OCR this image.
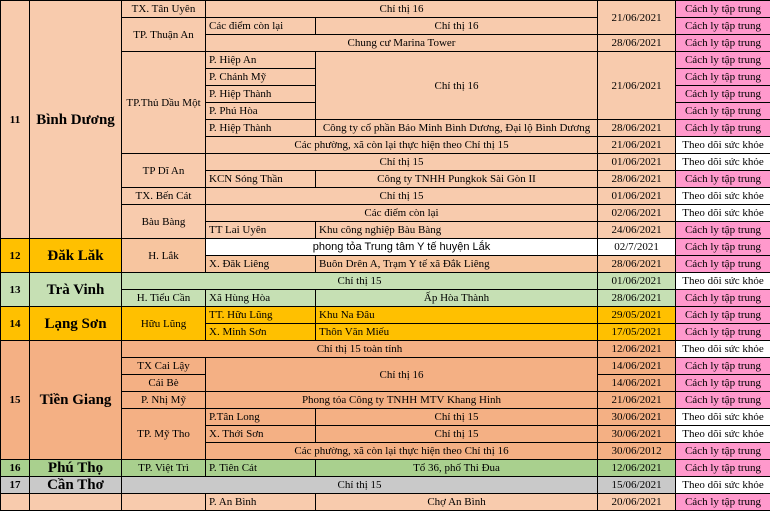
11	Bình Dương	TX. Tân Uyên	Chỉ thị 16		21/06/2021	Cách ly tập trung
		TP. Thuận An	Các điểm còn lại	Chỉ thị 16		Cách ly tập trung
			Chung cư Marina Tower		28/06/2021	Cách ly tập trung
		TP.Thủ Dầu Một	P. Hiệp An	Chỉ thị 16	21/06/2021	Cách ly tập trung
			P. Chánh Mỹ			Cách ly tập trung
			P. Hiệp Thành			Cách ly tập trung
			P. Phú Hòa			Cách ly tập trung
			P. Hiệp Thành	Công ty cổ phần Bảo Minh Bình Dương, Đại lộ Bình Dương	28/06/2021	Cách ly tập trung
			Các phường, xã còn lại thực hiện theo Chỉ thị 15		21/06/2021	Theo dõi sức khỏe
		TP Dĩ An	Chỉ thị 15		01/06/2021	Theo dõi sức khỏe
			KCN Sóng Thần	Công ty TNHH Pungkok Sài Gòn II	28/06/2021	Cách ly tập trung
		TX. Bến Cát	Chỉ thị 15		01/06/2021	Theo dõi sức khỏe
		Bàu Bàng	Các điểm còn lại		02/06/2021	Theo dõi sức khỏe
			TT Lai Uyên	Khu công nghiệp Bàu Bàng	24/06/2021	Cách ly tập trung
12	Đăk Lăk	H. Lắk	phong tỏa Trung tâm Y tế huyện Lắk		02/7/2021	Cách ly tập trung
			X. Đăk Liêng	Buôn Drên A, Trạm Y tế xã Đắk Liêng	28/06/2021	Cách ly tập trung
13	Trà Vinh	Chỉ thị 15			01/06/2021	Theo dõi sức khỏe
		H. Tiểu Cần	Xã Hùng Hòa	Ấp Hòa Thành	28/06/2021	Cách ly tập trung
14	Lạng Sơn	Hữu Lũng	TT. Hữu Lũng	Khu Na Đâu	29/05/2021	Cách ly tập trung
			X. Minh Sơn	Thôn Văn Miếu	17/05/2021	Cách ly tập trung
15	Tiền Giang	Chỉ thị 15 toàn tỉnh			12/06/2021	Theo dõi sức khỏe
		TX Cai Lậy	Chỉ thị 16		14/06/2021	Cách ly tập trung
		Cái Bè			14/06/2021	Cách ly tập trung
		P. Nhị Mỹ	Phong tỏa Công ty TNHH MTV Khang Hinh		21/06/2021	Cách ly tập trung
		TP. Mỹ Tho	P.Tân Long	Chỉ thị 15	30/06/2021	Theo dõi sức khỏe
			X. Thới Sơn	Chỉ thị 15	30/06/2021	Theo dõi sức khỏe
			Các phường, xã còn lại thực hiện theo Chỉ thị 16		30/06/2012	Cách ly tập trung
16	Phú Thọ	TP. Việt Trì	P. Tiên Cát	Tổ 36, phố Thi Đua	12/06/2021	Cách ly tập trung
17	Cần Thơ	Chỉ thị 15			15/06/2021	Theo dõi sức khỏe
			P. An Bình	Chợ An Bình	20/06/2021	Cách ly tập trung
